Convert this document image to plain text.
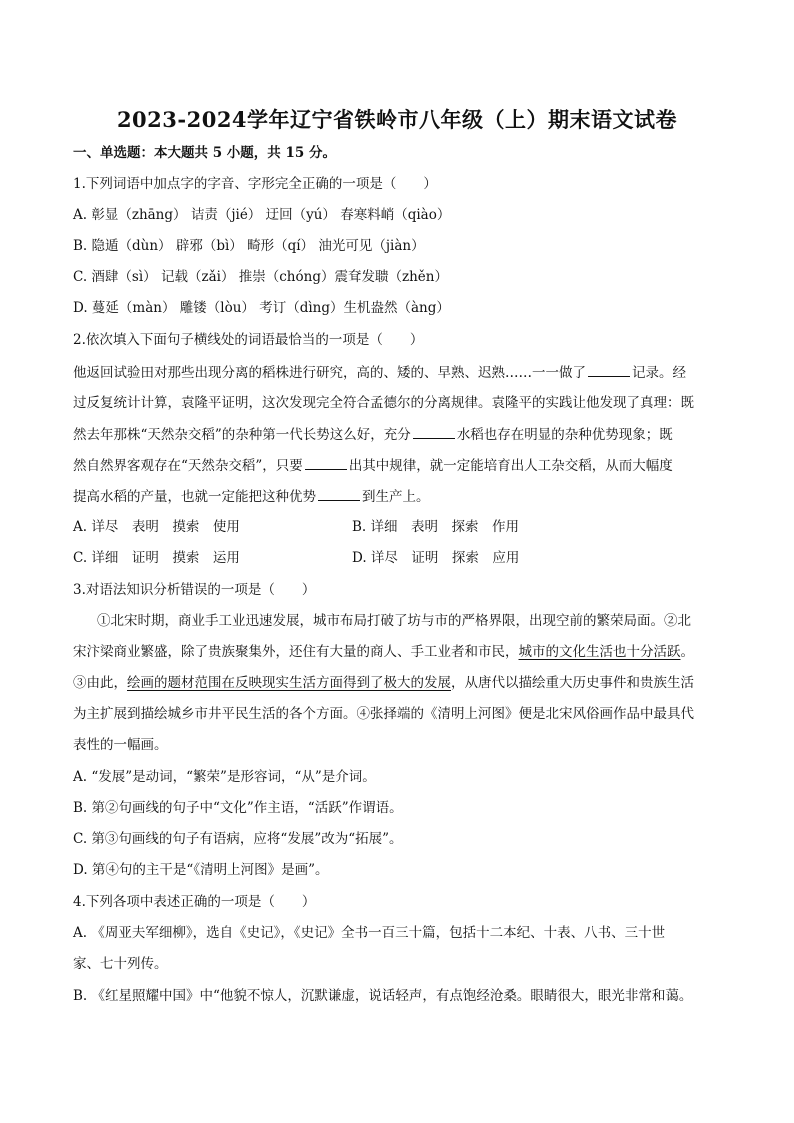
2023-2024学年辽宁省铁岭市八年级（上）期末语文试卷
一、单选题：本大题共 5 小题，共 15 分。
1.下列词语中加点字的字音、字形完全正确的一项是（　　）
A. 彰显（zhāng） 诘责（jié） 迂回（yú） 春寒料峭（qiào）
B. 隐遁（dùn） 辟邪（bì） 畸形（qí） 油光可见（jiàn）
C. 酒肆（sì） 记载（zǎi） 推崇（chóng）震耷发聩（zhěn）
D. 蔓延（màn） 雕镂（lòu） 考订（dìng）生机盎然（àng）
2.依次填入下面句子横线处的词语最恰当的一项是（　　）
他返回试验田对那些出现分离的稻株进行研究，高的、矮的、早熟、迟熟……一一做了	记录。经
过反复统计计算，袁隆平证明，这次发现完全符合孟德尔的分离规律。袁隆平的实践让他发现了真理：既
然去年那株“天然杂交稻”的杂种第一代长势这么好，充分	水稻也存在明显的杂种优势现象；既
然自然界客观存在“天然杂交稻”，只要	出其中规律，就一定能培育出人工杂交稻，从而大幅度
提高水稻的产量，也就一定能把这种优势	到生产上。
A. 详尽　表明　摸索　使用	B. 详细　表明　探索　作用
C. 详细　证明　摸索　运用	D. 详尽　证明　探索　应用
3.对语法知识分析错误的一项是（　　）
①北宋时期，商业手工业迅速发展，城市布局打破了坊与市的严格界限，出现空前的繁荣局面。②北
宋汴梁商业繁盛，除了贵族聚集外，还住有大量的商人、手工业者和市民，城市的文化生活也十分活跃。
③由此，绘画的题材范围在反映现实生活方面得到了极大的发展，从唐代以描绘重大历史事件和贵族生活
为主扩展到描绘城乡市井平民生活的各个方面。④张择端的《清明上河图》便是北宋风俗画作品中最具代
表性的一幅画。
A. “发展”是动词，“繁荣”是形容词，“从”是介词。
B. 第②句画线的句子中“文化”作主语，“活跃”作谓语。
C. 第③句画线的句子有语病，应将“发展”改为“拓展”。
D. 第④句的主干是“《清明上河图》是画”。
4.下列各项中表述正确的一项是（　　）
A. 《周亚夫军细柳》，选自《史记》，《史记》全书一百三十篇，包括十二本纪、十表、八书、三十世
家、七十列传。
B. 《红星照耀中国》中“他貌不惊人，沉默谦虚，说话轻声，有点饱经沧桑。眼睛很大，眼光非常和蔼。
